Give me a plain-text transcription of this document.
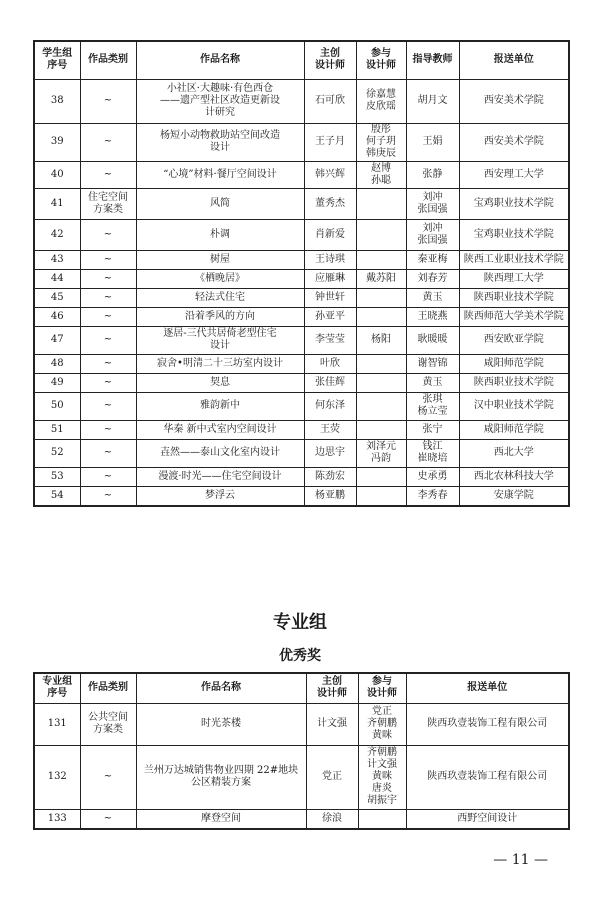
学生组
序号	作品类别	作品名称	主创
设计师	参与
设计师	指导教师	报送单位

38	~	小社区·大趣味·有色西仓
——遗产型社区改造更新设
计研究	石可欣	徐嘉慧
皮欣瑶	胡月文	西安美术学院

39	~	杨短小动物救助站空间改造
设计	王子月	殷彤
何子玥
韩庚辰	王娟	西安美术学院

40	~	“心境”材料·餐厅空间设计	韩兴辉	赵博
孙聪	张静	西安理工大学

41	住宅空间
方案类	风简	董秀杰		刘冲
张国强	宝鸡职业技术学院

42	~	朴调	肖新爱		刘冲
张国强	宝鸡职业技术学院

43	~	树屋	王诗琪		秦亚梅	陕西工业职业技术学院

44	~	《栖晚居》	应雁琳	戴苏阳	刘春芳	陕西理工大学

45	~	轻法式住宅	钟世轩		黄玉	陕西职业技术学院

46	~	沿着季风的方向	孙亚平		王晓燕	陕西师范大学美术学院

47	~	逐居-三代共居倚老型住宅
设计	李莹莹	杨阳	耿暖暖	西安欧亚学院

48	~	寂舍•明清二十三坊室内设计	叶欣		谢智锦	咸阳师范学院

49	~	契息	张佳辉		黄玉	陕西职业技术学院

50	~	雅韵新中	何东泽		张琪
杨立莹	汉中职业技术学院

51	~	华秦 新中式室内空间设计	王荧		张宁	咸阳师范学院

52	~	壵然——泰山文化室内设计	边思宇	刘泽元
冯韵	钱江
崔晓培	西北大学

53	~	漫渡·时光——住宅空间设计	陈劲宏		史承勇	西北农林科技大学

54	~	梦浮云	杨亚鹏		李秀春	安康学院
专业组
优秀奖
专业组
序号	作品类别	作品名称	主创
设计师	参与
设计师	报送单位

131	公共空间
方案类	时光茶楼	计文强	党正
齐朝鹏
黄咪	陕西玖壹装饰工程有限公司

132	~	兰州万达城销售物业四期 22#地块
公区精装方案	党正	齐朝鹏
计文强
黄咪
唐炎
胡振宇	陕西玖壹装饰工程有限公司

133	~	摩登空间	徐浪		西野空间设计
— 11 —
